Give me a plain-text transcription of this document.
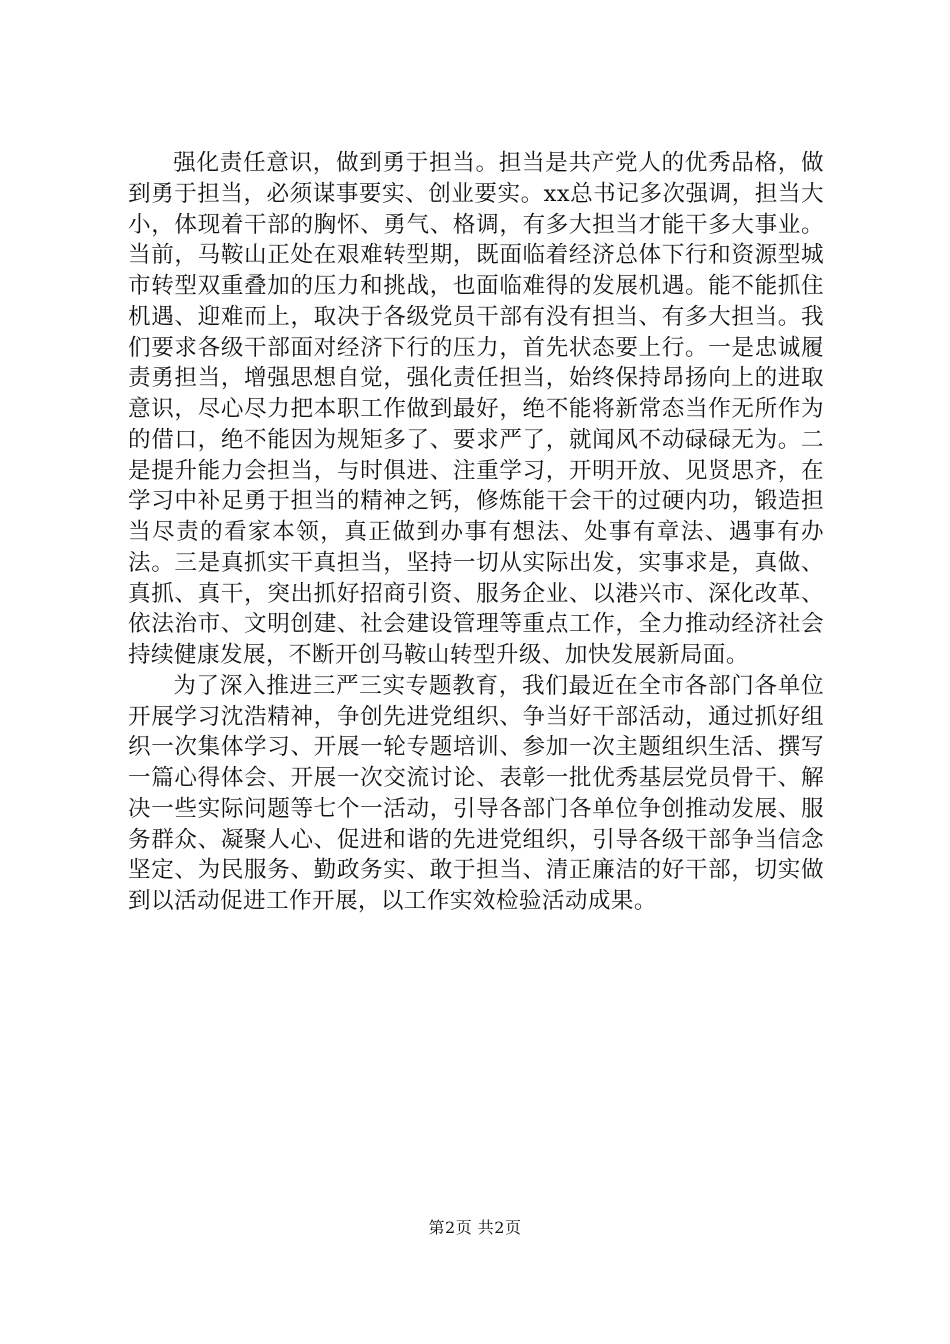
强化责任意识，做到勇于担当。担当是共产党人的优秀品格，做到勇于担当，必须谋事要实、创业要实。xx总书记多次强调，担当大小，体现着干部的胸怀、勇气、格调，有多大担当才能干多大事业。当前，马鞍山正处在艰难转型期，既面临着经济总体下行和资源型城市转型双重叠加的压力和挑战，也面临难得的发展机遇。能不能抓住机遇、迎难而上，取决于各级党员干部有没有担当、有多大担当。我们要求各级干部面对经济下行的压力，首先状态要上行。一是忠诚履责勇担当，增强思想自觉，强化责任担当，始终保持昂扬向上的进取意识，尽心尽力把本职工作做到最好，绝不能将新常态当作无所作为的借口，绝不能因为规矩多了、要求严了，就闻风不动碌碌无为。二是提升能力会担当，与时俱进、注重学习，开明开放、见贤思齐，在学习中补足勇于担当的精神之钙，修炼能干会干的过硬内功，锻造担当尽责的看家本领，真正做到办事有想法、处事有章法、遇事有办法。三是真抓实干真担当，坚持一切从实际出发，实事求是，真做、真抓、真干，突出抓好招商引资、服务企业、以港兴市、深化改革、依法治市、文明创建、社会建设管理等重点工作，全力推动经济社会持续健康发展，不断开创马鞍山转型升级、加快发展新局面。

为了深入推进三严三实专题教育，我们最近在全市各部门各单位开展学习沈浩精神，争创先进党组织、争当好干部活动，通过抓好组织一次集体学习、开展一轮专题培训、参加一次主题组织生活、撰写一篇心得体会、开展一次交流讨论、表彰一批优秀基层党员骨干、解决一些实际问题等七个一活动，引导各部门各单位争创推动发展、服务群众、凝聚人心、促进和谐的先进党组织，引导各级干部争当信念坚定、为民服务、勤政务实、敢于担当、清正廉洁的好干部，切实做到以活动促进工作开展，以工作实效检验活动成果。

第2页 共2页
